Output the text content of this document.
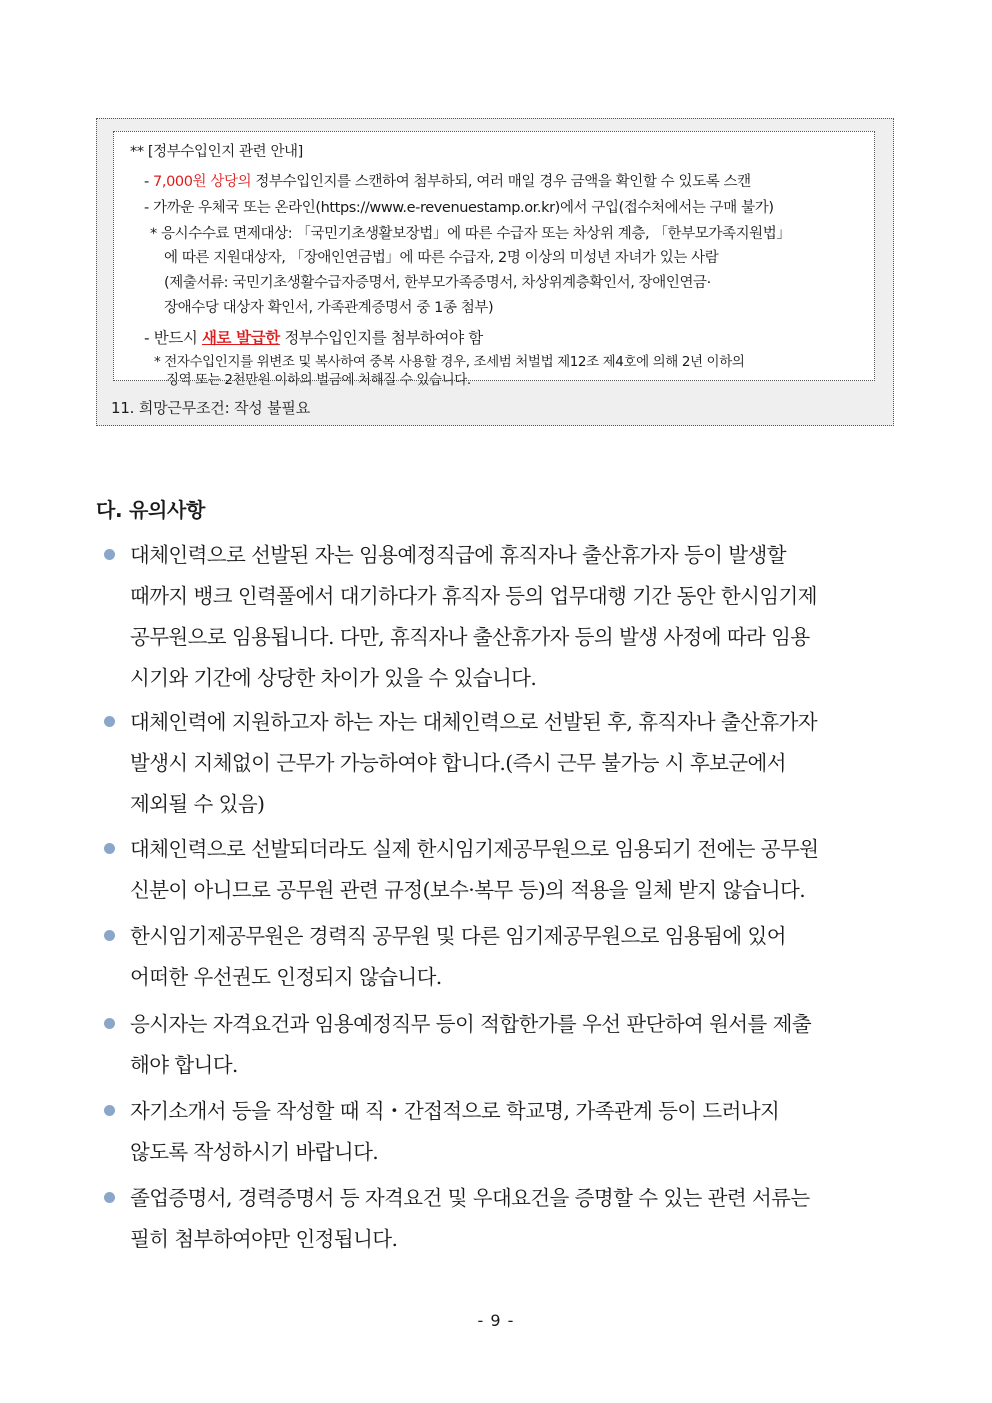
** [정부수입인지 관련 안내]
- 7,000원 상당의 정부수입인지를 스캔하여 첨부하되, 여러 매일 경우 금액을 확인할 수 있도록 스캔
- 가까운 우체국 또는 온라인(https://www.e-revenuestamp.or.kr)에서 구입(접수처에서는 구매 불가)
* 응시수수료 면제대상: 「국민기초생활보장법」에 따른 수급자 또는 차상위 계층, 「한부모가족지원법」
에 따른 지원대상자, 「장애인연금법」에 따른 수급자, 2명 이상의 미성년 자녀가 있는 사람
(제출서류: 국민기초생활수급자증명서, 한부모가족증명서, 차상위계층확인서, 장애인연금·
장애수당 대상자 확인서, 가족관계증명서 중 1종 첨부)
- 반드시 새로 발급한 정부수입인지를 첨부하여야 함
* 전자수입인지를 위변조 및 복사하여 중복 사용할 경우, 조세범 처벌법 제12조 제4호에 의해 2년 이하의
징역 또는 2천만원 이하의 벌금에 처해질 수 있습니다.
11. 희망근무조건: 작성 불필요
다. 유의사항
대체인력으로 선발된 자는 임용예정직급에 휴직자나 출산휴가자 등이 발생할
때까지 뱅크 인력풀에서 대기하다가 휴직자 등의 업무대행 기간 동안 한시임기제
공무원으로 임용됩니다. 다만, 휴직자나 출산휴가자 등의 발생 사정에 따라 임용
시기와 기간에 상당한 차이가 있을 수 있습니다.
대체인력에 지원하고자 하는 자는 대체인력으로 선발된 후, 휴직자나 출산휴가자
발생시 지체없이 근무가 가능하여야 합니다.(즉시 근무 불가능 시 후보군에서
제외될 수 있음)
대체인력으로 선발되더라도 실제 한시임기제공무원으로 임용되기 전에는 공무원
신분이 아니므로 공무원 관련 규정(보수·복무 등)의 적용을 일체 받지 않습니다.
한시임기제공무원은 경력직 공무원 및 다른 임기제공무원으로 임용됨에 있어
어떠한 우선권도 인정되지 않습니다.
응시자는 자격요건과 임용예정직무 등이 적합한가를 우선 판단하여 원서를 제출
해야 합니다.
자기소개서 등을 작성할 때 직・간접적으로 학교명, 가족관계 등이 드러나지
않도록 작성하시기 바랍니다.
졸업증명서, 경력증명서 등 자격요건 및 우대요건을 증명할 수 있는 관련 서류는
필히 첨부하여야만 인정됩니다.
- 9 -
